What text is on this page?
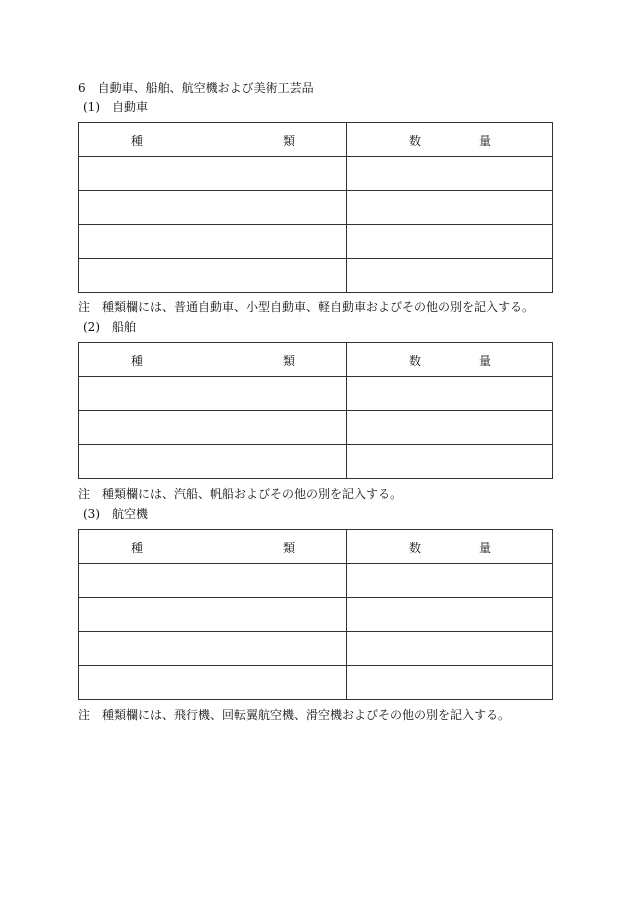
6　自動車、船舶、航空機および美術工芸品
(1)　自動車
種 類	数 量

注　種類欄には、普通自動車、小型自動車、軽自動車およびその他の別を記入する。
(2)　船舶
種 類	数 量

注　種類欄には、汽船、帆船およびその他の別を記入する。
(3)　航空機
種 類	数 量

注　種類欄には、飛行機、回転翼航空機、滑空機およびその他の別を記入する。
